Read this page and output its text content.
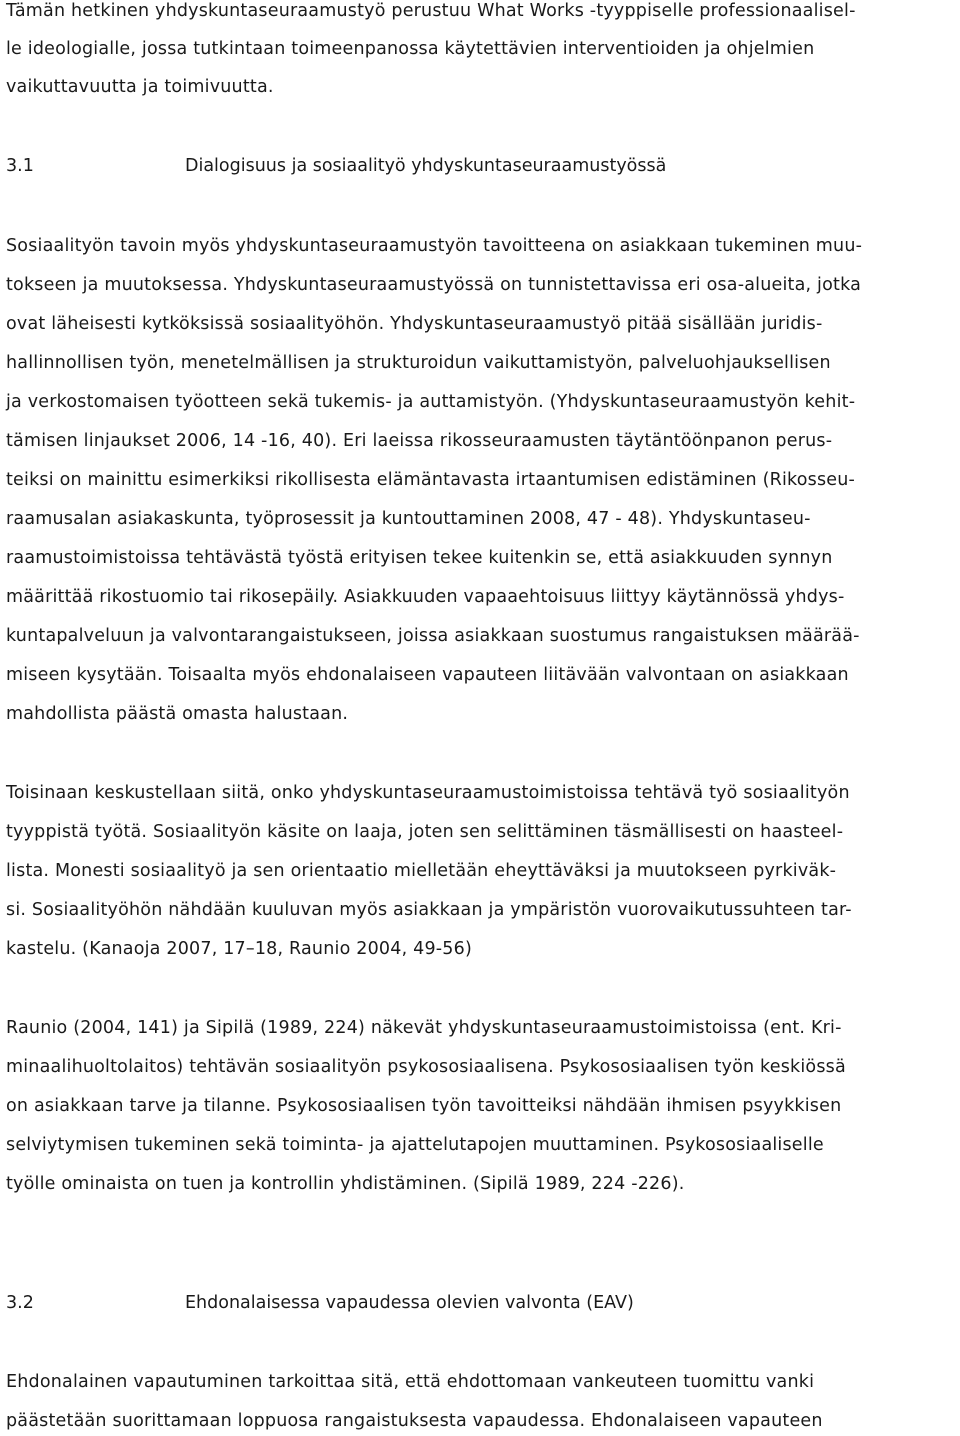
Tämän hetkinen yhdyskuntaseuraamustyö perustuu What Works -tyyppiselle professionaalisel-
le ideologialle, jossa tutkintaan toimeenpanossa käytettävien interventioiden ja ohjelmien
vaikuttavuutta ja toimivuutta.
3.1	Dialogisuus ja sosiaalityö yhdyskuntaseuraamustyössä
Sosiaalityön tavoin myös yhdyskuntaseuraamustyön tavoitteena on asiakkaan tukeminen muu-
tokseen ja muutoksessa. Yhdyskuntaseuraamustyössä on tunnistettavissa eri osa-alueita, jotka
ovat läheisesti kytköksissä sosiaalityöhön. Yhdyskuntaseuraamustyö pitää sisällään juridis-
hallinnollisen työn, menetelmällisen ja strukturoidun vaikuttamistyön, palveluohjauksellisen
ja verkostomaisen työotteen sekä tukemis- ja auttamistyön. (Yhdyskuntaseuraamustyön kehit-
tämisen linjaukset 2006, 14 -16, 40). Eri laeissa rikosseuraamusten täytäntöönpanon perus-
teiksi on mainittu esimerkiksi rikollisesta elämäntavasta irtaantumisen edistäminen (Rikosseu-
raamusalan asiakaskunta, työprosessit ja kuntouttaminen 2008, 47 - 48). Yhdyskuntaseu-
raamustoimistoissa tehtävästä työstä erityisen tekee kuitenkin se, että asiakkuuden synnyn
määrittää rikostuomio tai rikosepäily. Asiakkuuden vapaaehtoisuus liittyy käytännössä yhdys-
kuntapalveluun ja valvontarangaistukseen, joissa asiakkaan suostumus rangaistuksen määrää-
miseen kysytään. Toisaalta myös ehdonalaiseen vapauteen liitävään valvontaan on asiakkaan
mahdollista päästä omasta halustaan.
Toisinaan keskustellaan siitä, onko yhdyskuntaseuraamustoimistoissa tehtävä työ sosiaalityön
tyyppistä työtä. Sosiaalityön käsite on laaja, joten sen selittäminen täsmällisesti on haasteel-
lista. Monesti sosiaalityö ja sen orientaatio mielletään eheyttäväksi ja muutokseen pyrkiväk-
si. Sosiaalityöhön nähdään kuuluvan myös asiakkaan ja ympäristön vuorovaikutussuhteen tar-
kastelu. (Kanaoja 2007, 17–18, Raunio 2004, 49-56)
Raunio (2004, 141) ja Sipilä (1989, 224) näkevät yhdyskuntaseuraamustoimistoissa (ent. Kri-
minaalihuoltolaitos) tehtävän sosiaalityön psykososiaalisena. Psykososiaalisen työn keskiössä
on asiakkaan tarve ja tilanne. Psykososiaalisen työn tavoitteiksi nähdään ihmisen psyykkisen
selviytymisen tukeminen sekä toiminta- ja ajattelutapojen muuttaminen. Psykososiaaliselle
työlle ominaista on tuen ja kontrollin yhdistäminen. (Sipilä 1989, 224 -226).
3.2	Ehdonalaisessa vapaudessa olevien valvonta (EAV)
Ehdonalainen vapautuminen tarkoittaa sitä, että ehdottomaan vankeuteen tuomittu vanki
päästetään suorittamaan loppuosa rangaistuksesta vapaudessa. Ehdonalaiseen vapauteen
